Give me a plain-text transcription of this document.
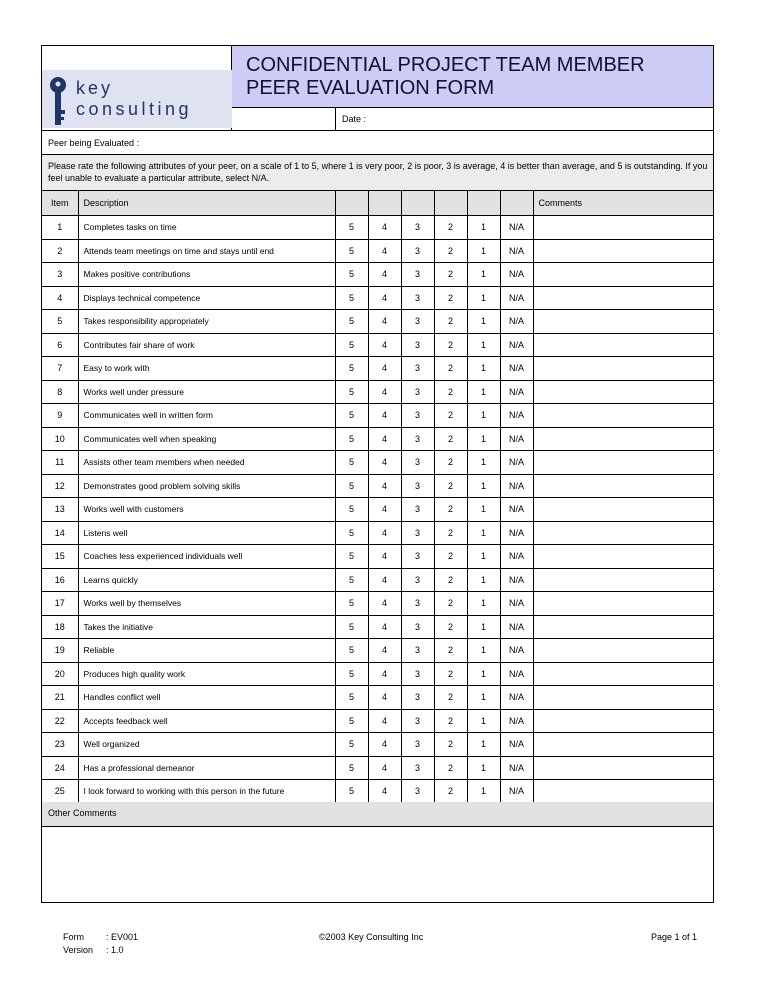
key
consulting
CONFIDENTIAL PROJECT TEAM MEMBER
PEER EVALUATION FORM
Date :
Peer being Evaluated :
Please rate the following attributes of your peer, on a scale of 1 to 5, where 1 is very poor, 2 is poor, 3 is average, 4 is better than average, and 5 is outstanding. If you feel unable to evaluate a particular attribute, select N/A.
Item	Description							Comments
1	Completes tasks on time	5	4	3	2	1	N/A	
2	Attends team meetings on time and stays until end	5	4	3	2	1	N/A	
3	Makes positive contributions	5	4	3	2	1	N/A	
4	Displays technical competence	5	4	3	2	1	N/A	
5	Takes responsibility appropriately	5	4	3	2	1	N/A	
6	Contributes fair share of work	5	4	3	2	1	N/A	
7	Easy to work with	5	4	3	2	1	N/A	
8	Works well under pressure	5	4	3	2	1	N/A	
9	Communicates well in written form	5	4	3	2	1	N/A	
10	Communicates well when speaking	5	4	3	2	1	N/A	
11	Assists other team members when needed	5	4	3	2	1	N/A	
12	Demonstrates good problem solving skills	5	4	3	2	1	N/A	
13	Works well with customers	5	4	3	2	1	N/A	
14	Listens well	5	4	3	2	1	N/A	
15	Coaches less experienced individuals well	5	4	3	2	1	N/A	
16	Learns quickly	5	4	3	2	1	N/A	
17	Works well by themselves	5	4	3	2	1	N/A	
18	Takes the initiative	5	4	3	2	1	N/A	
19	Reliable	5	4	3	2	1	N/A	
20	Produces high quality work	5	4	3	2	1	N/A	
21	Handles conflict well	5	4	3	2	1	N/A	
22	Accepts feedback well	5	4	3	2	1	N/A	
23	Well organized	5	4	3	2	1	N/A	
24	Has a professional demeanor	5	4	3	2	1	N/A	
25	I look forward to working with this person in the future	5	4	3	2	1	N/A	
Other Comments
Form : EV001
Version : 1.0
©2003 Key Consulting Inc	Page 1 of 1
